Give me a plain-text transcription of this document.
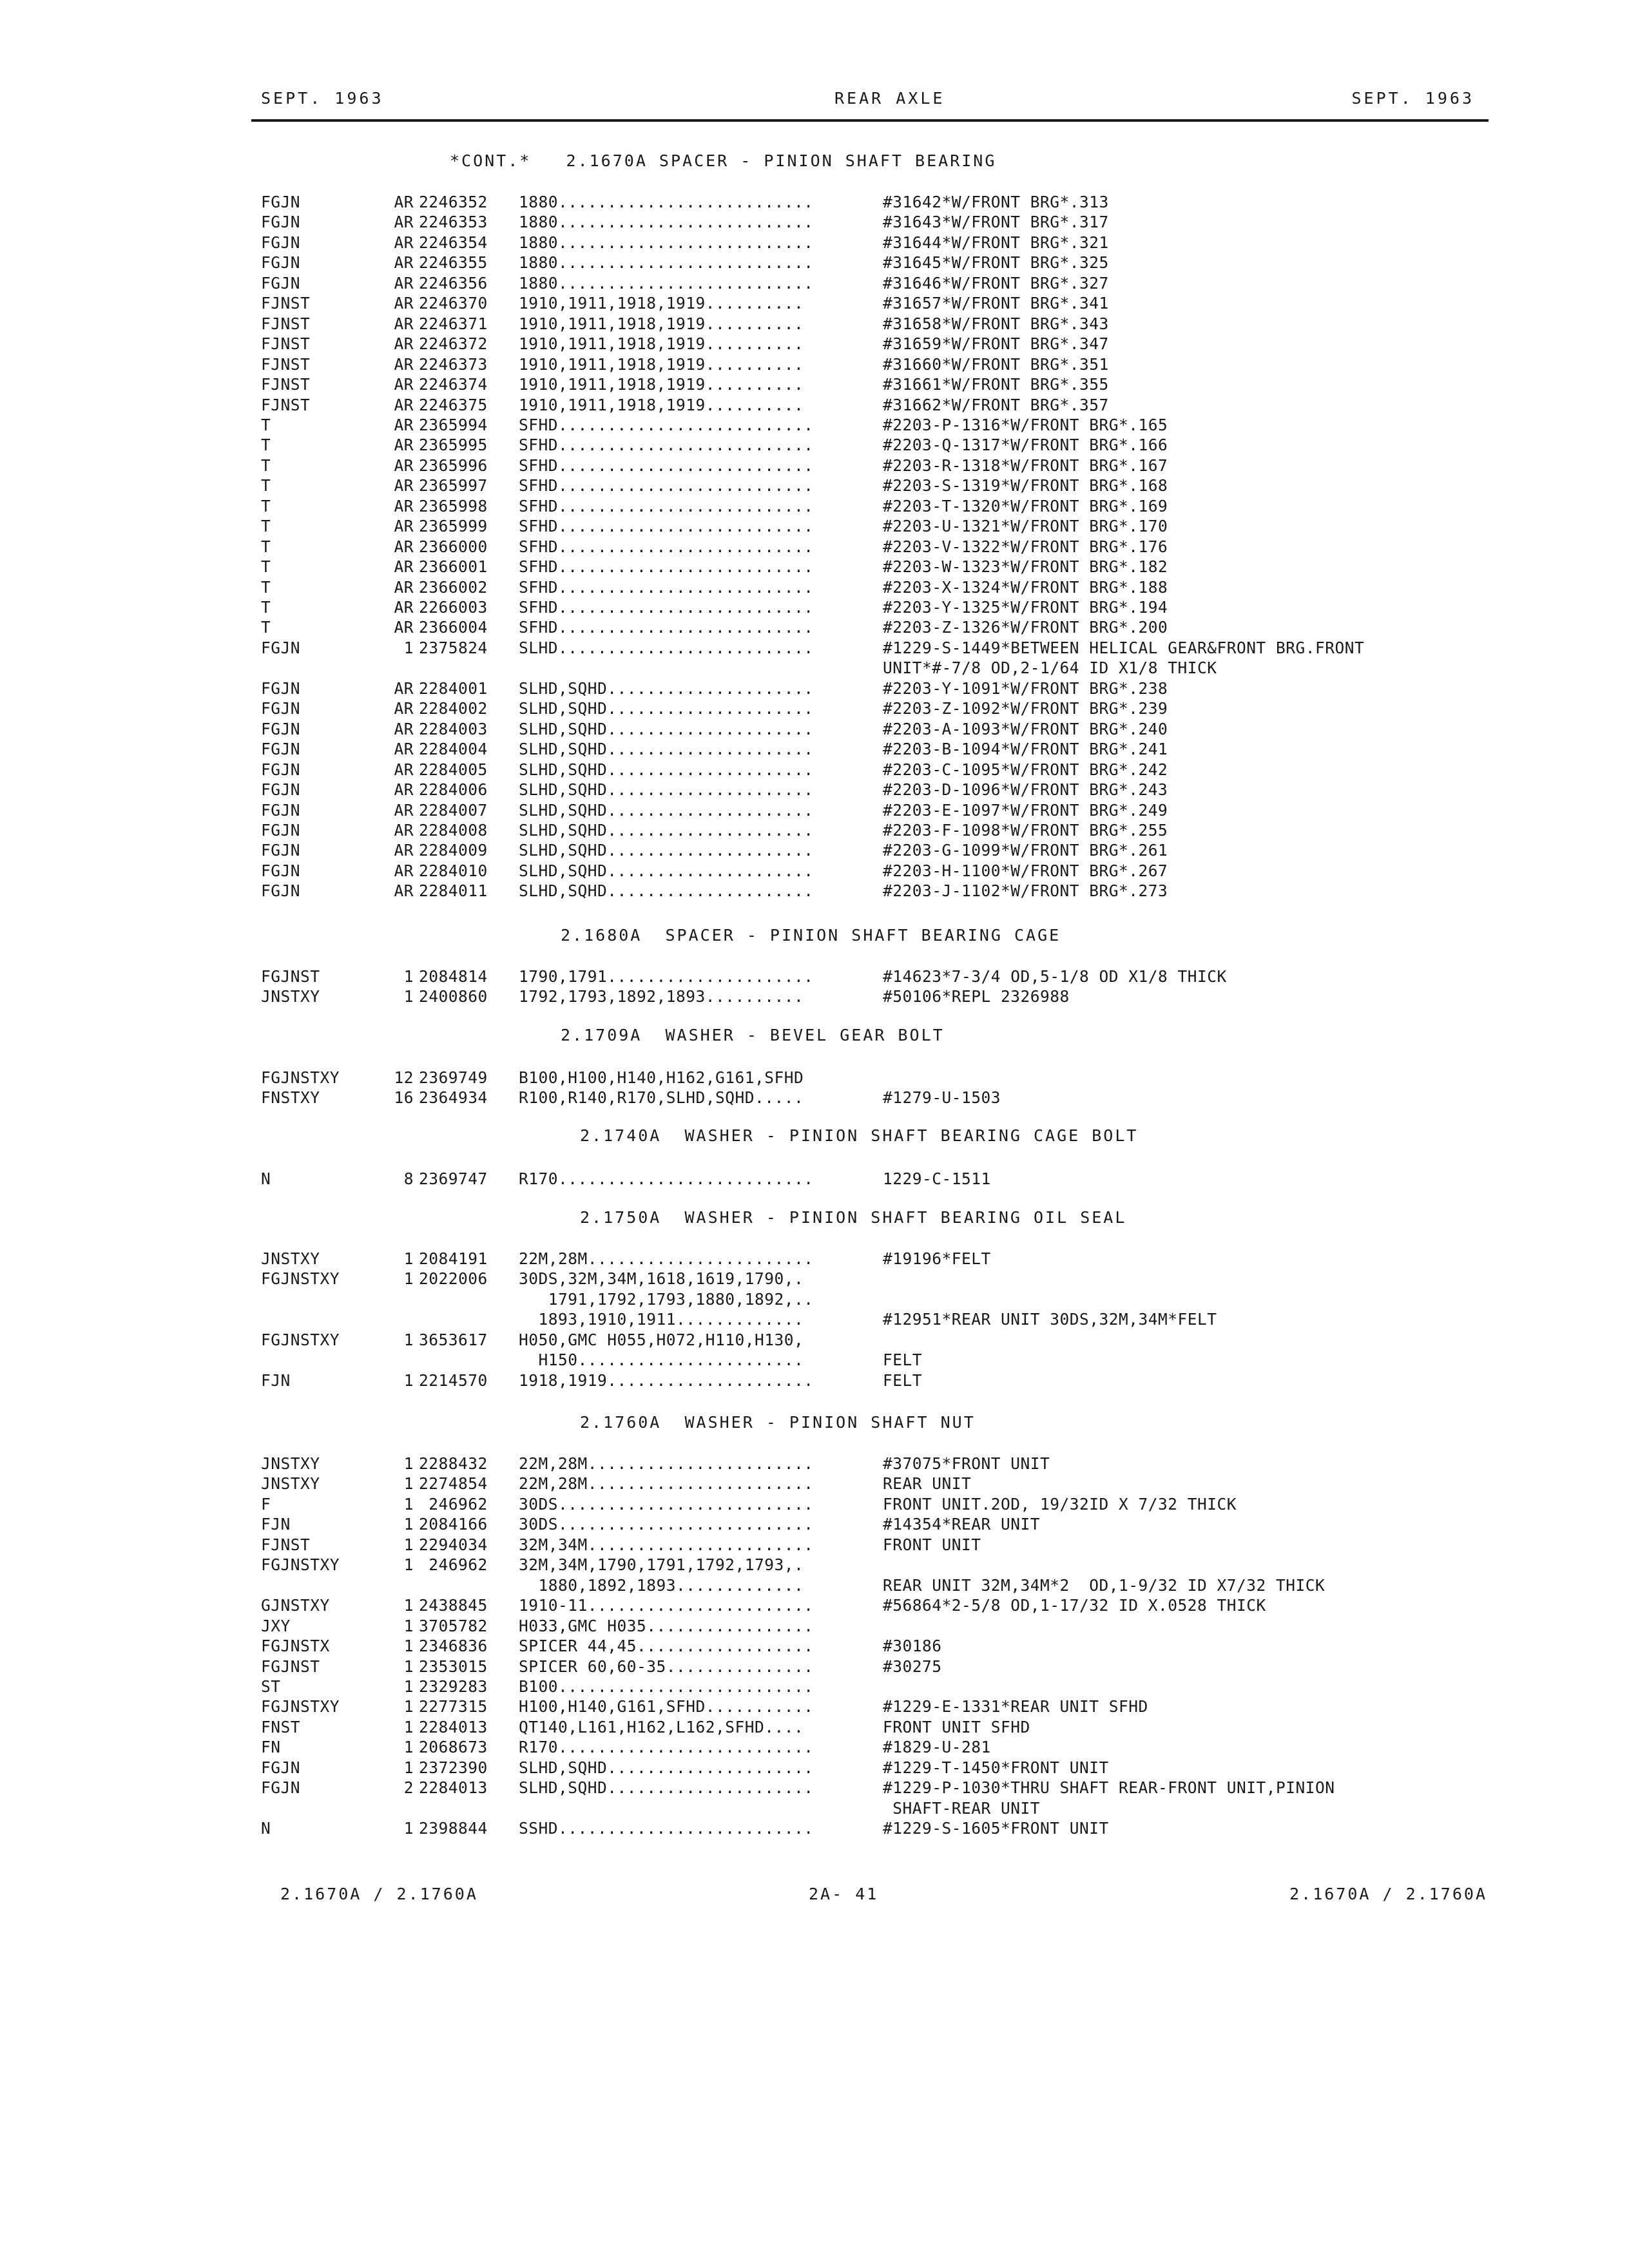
SEPT. 1963	REAR AXLE	SEPT. 1963
*CONT.*   2.1670A SPACER - PINION SHAFT BEARING
FGJN	AR 2246352 1880..........................	#31642*W/FRONT BRG*.313
FGJN	AR 2246353 1880..........................	#31643*W/FRONT BRG*.317
FGJN	AR 2246354 1880..........................	#31644*W/FRONT BRG*.321
FGJN	AR 2246355 1880..........................	#31645*W/FRONT BRG*.325
FGJN	AR 2246356 1880..........................	#31646*W/FRONT BRG*.327
FJNST	AR 2246370 1910,1911,1918,1919..........	#31657*W/FRONT BRG*.341
FJNST	AR 2246371 1910,1911,1918,1919..........	#31658*W/FRONT BRG*.343
FJNST	AR 2246372 1910,1911,1918,1919..........	#31659*W/FRONT BRG*.347
FJNST	AR 2246373 1910,1911,1918,1919..........	#31660*W/FRONT BRG*.351
FJNST	AR 2246374 1910,1911,1918,1919..........	#31661*W/FRONT BRG*.355
FJNST	AR 2246375 1910,1911,1918,1919..........	#31662*W/FRONT BRG*.357
T	AR 2365994 SFHD..........................	#2203-P-1316*W/FRONT BRG*.165
T	AR 2365995 SFHD..........................	#2203-Q-1317*W/FRONT BRG*.166
T	AR 2365996 SFHD..........................	#2203-R-1318*W/FRONT BRG*.167
T	AR 2365997 SFHD..........................	#2203-S-1319*W/FRONT BRG*.168
T	AR 2365998 SFHD..........................	#2203-T-1320*W/FRONT BRG*.169
T	AR 2365999 SFHD..........................	#2203-U-1321*W/FRONT BRG*.170
T	AR 2366000 SFHD..........................	#2203-V-1322*W/FRONT BRG*.176
T	AR 2366001 SFHD..........................	#2203-W-1323*W/FRONT BRG*.182
T	AR 2366002 SFHD..........................	#2203-X-1324*W/FRONT BRG*.188
T	AR 2266003 SFHD..........................	#2203-Y-1325*W/FRONT BRG*.194
T	AR 2366004 SFHD..........................	#2203-Z-1326*W/FRONT BRG*.200
FGJN	1 2375824 SLHD..........................	#1229-S-1449*BETWEEN HELICAL GEAR&FRONT BRG.FRONT
UNIT*#-7/8 OD,2-1/64 ID X1/8 THICK
FGJN	AR 2284001 SLHD,SQHD.....................	#2203-Y-1091*W/FRONT BRG*.238
FGJN	AR 2284002 SLHD,SQHD.....................	#2203-Z-1092*W/FRONT BRG*.239
FGJN	AR 2284003 SLHD,SQHD.....................	#2203-A-1093*W/FRONT BRG*.240
FGJN	AR 2284004 SLHD,SQHD.....................	#2203-B-1094*W/FRONT BRG*.241
FGJN	AR 2284005 SLHD,SQHD.....................	#2203-C-1095*W/FRONT BRG*.242
FGJN	AR 2284006 SLHD,SQHD.....................	#2203-D-1096*W/FRONT BRG*.243
FGJN	AR 2284007 SLHD,SQHD.....................	#2203-E-1097*W/FRONT BRG*.249
FGJN	AR 2284008 SLHD,SQHD.....................	#2203-F-1098*W/FRONT BRG*.255
FGJN	AR 2284009 SLHD,SQHD.....................	#2203-G-1099*W/FRONT BRG*.261
FGJN	AR 2284010 SLHD,SQHD.....................	#2203-H-1100*W/FRONT BRG*.267
FGJN	AR 2284011 SLHD,SQHD.....................	#2203-J-1102*W/FRONT BRG*.273
2.1680A  SPACER - PINION SHAFT BEARING CAGE
FGJNST	1 2084814 1790,1791.....................	#14623*7-3/4 OD,5-1/8 OD X1/8 THICK
JNSTXY	1 2400860 1792,1793,1892,1893..........	#50106*REPL 2326988
2.1709A  WASHER - BEVEL GEAR BOLT
FGJNSTXY	12 2369749 B100,H100,H140,H162,G161,SFHD
FNSTXY	16 2364934 R100,R140,R170,SLHD,SQHD.....	#1279-U-1503
2.1740A  WASHER - PINION SHAFT BEARING CAGE BOLT
N	8 2369747 R170..........................	1229-C-1511
2.1750A  WASHER - PINION SHAFT BEARING OIL SEAL
JNSTXY	1 2084191 22M,28M.......................	#19196*FELT
FGJNSTXY	1 2022006 30DS,32M,34M,1618,1619,1790,.
1791,1792,1793,1880,1892,..
1893,1910,1911.............	#12951*REAR UNIT 30DS,32M,34M*FELT
FGJNSTXY	1 3653617 H050,GMC H055,H072,H110,H130,
H150.......................	FELT
FJN	1 2214570 1918,1919.....................	FELT
2.1760A  WASHER - PINION SHAFT NUT
JNSTXY	1 2288432 22M,28M.......................	#37075*FRONT UNIT
JNSTXY	1 2274854 22M,28M.......................	REAR UNIT
F	1 246962 30DS..........................	FRONT UNIT.2OD, 19/32ID X 7/32 THICK
FJN	1 2084166 30DS..........................	#14354*REAR UNIT
FJNST	1 2294034 32M,34M.......................	FRONT UNIT
FGJNSTXY	1 246962 32M,34M,1790,1791,1792,1793,.
1880,1892,1893.............	REAR UNIT 32M,34M*2  OD,1-9/32 ID X7/32 THICK
GJNSTXY	1 2438845 1910-11.......................	#56864*2-5/8 OD,1-17/32 ID X.0528 THICK
JXY	1 3705782 H033,GMC H035.................
FGJNSTX	1 2346836 SPICER 44,45..................	#30186
FGJNST	1 2353015 SPICER 60,60-35...............	#30275
ST	1 2329283 B100..........................
FGJNSTXY	1 2277315 H100,H140,G161,SFHD...........	#1229-E-1331*REAR UNIT SFHD
FNST	1 2284013 QT140,L161,H162,L162,SFHD....	FRONT UNIT SFHD
FN	1 2068673 R170..........................	#1829-U-281
FGJN	1 2372390 SLHD,SQHD.....................	#1229-T-1450*FRONT UNIT
FGJN	2 2284013 SLHD,SQHD.....................	#1229-P-1030*THRU SHAFT REAR-FRONT UNIT,PINION
SHAFT-REAR UNIT
N	1 2398844 SSHD..........................	#1229-S-1605*FRONT UNIT
2.1670A / 2.1760A	2A- 41	2.1670A / 2.1760A
